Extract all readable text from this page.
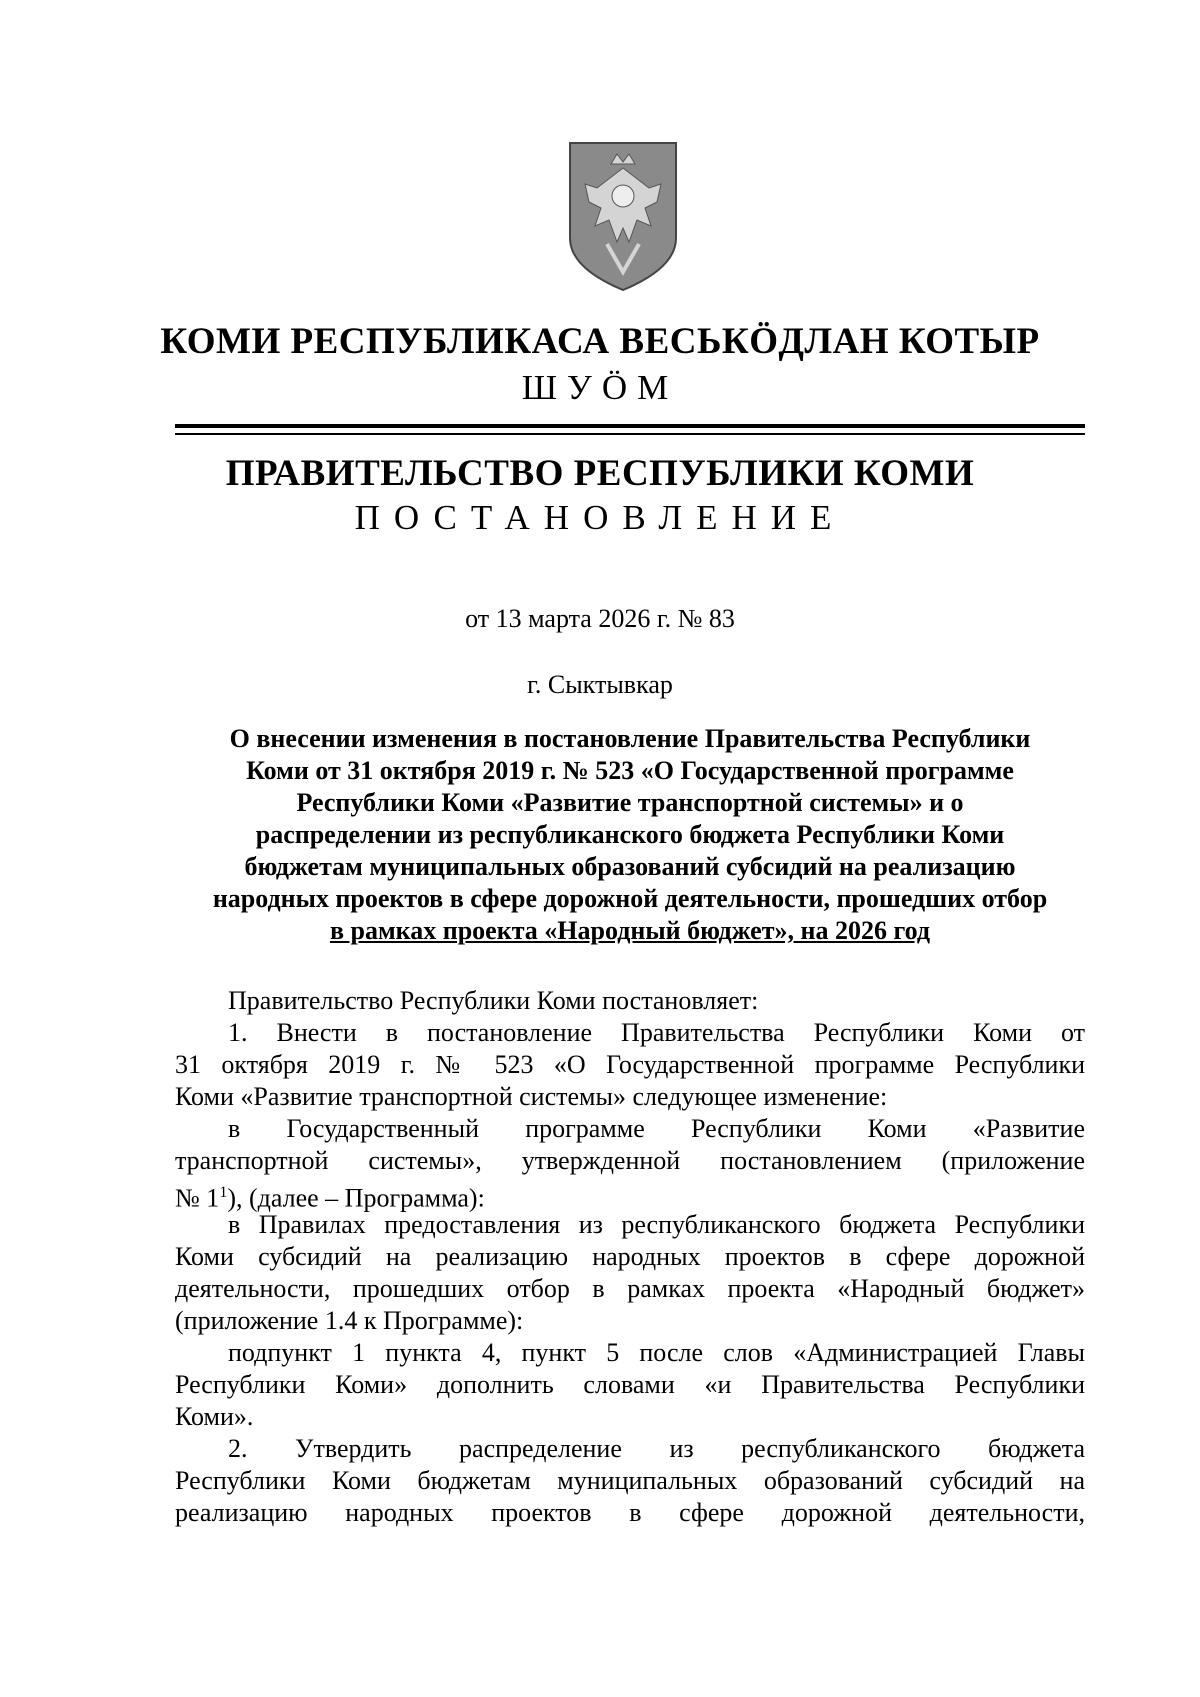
КОМИ РЕСПУБЛИКАСА ВЕСЬКӦДЛАН КОТЫР

ШУӦМ

ПРАВИТЕЛЬСТВО РЕСПУБЛИКИ КОМИ

ПОСТАНОВЛЕНИЕ

от 13 марта 2026 г. № 83

г. Сыктывкар

О внесении изменения в постановление Правительства Республики
Коми от 31 октября 2019 г. № 523 «О Государственной программе
Республики Коми «Развитие транспортной системы» и о
распределении из республиканского бюджета Республики Коми
бюджетам муниципальных образований субсидий на реализацию
народных проектов в сфере дорожной деятельности, прошедших отбор
в рамках проекта «Народный бюджет», на 2026 год
Правительство Республики Коми постановляет:
1. Внести в постановление Правительства Республики Коми от
31 октября 2019 г. № 523 «О Государственной программе Республики
Коми «Развитие транспортной системы» следующее изменение:
в Государственный программе Республики Коми «Развитие
транспортной системы», утвержденной постановлением (приложение
№ $1^1$), (далее – Программа):
в Правилах предоставления из республиканского бюджета Республики
Коми субсидий на реализацию народных проектов в сфере дорожной
деятельности, прошедших отбор в рамках проекта «Народный бюджет»
(приложение 1.4 к Программе):
подпункт 1 пункта 4, пункт 5 после слов «Администрацией Главы
Республики Коми» дополнить словами «и Правительства Республики
Коми».
2. Утвердить распределение из республиканского бюджета
Республики Коми бюджетам муниципальных образований субсидий на
реализацию народных проектов в сфере дорожной деятельности,
